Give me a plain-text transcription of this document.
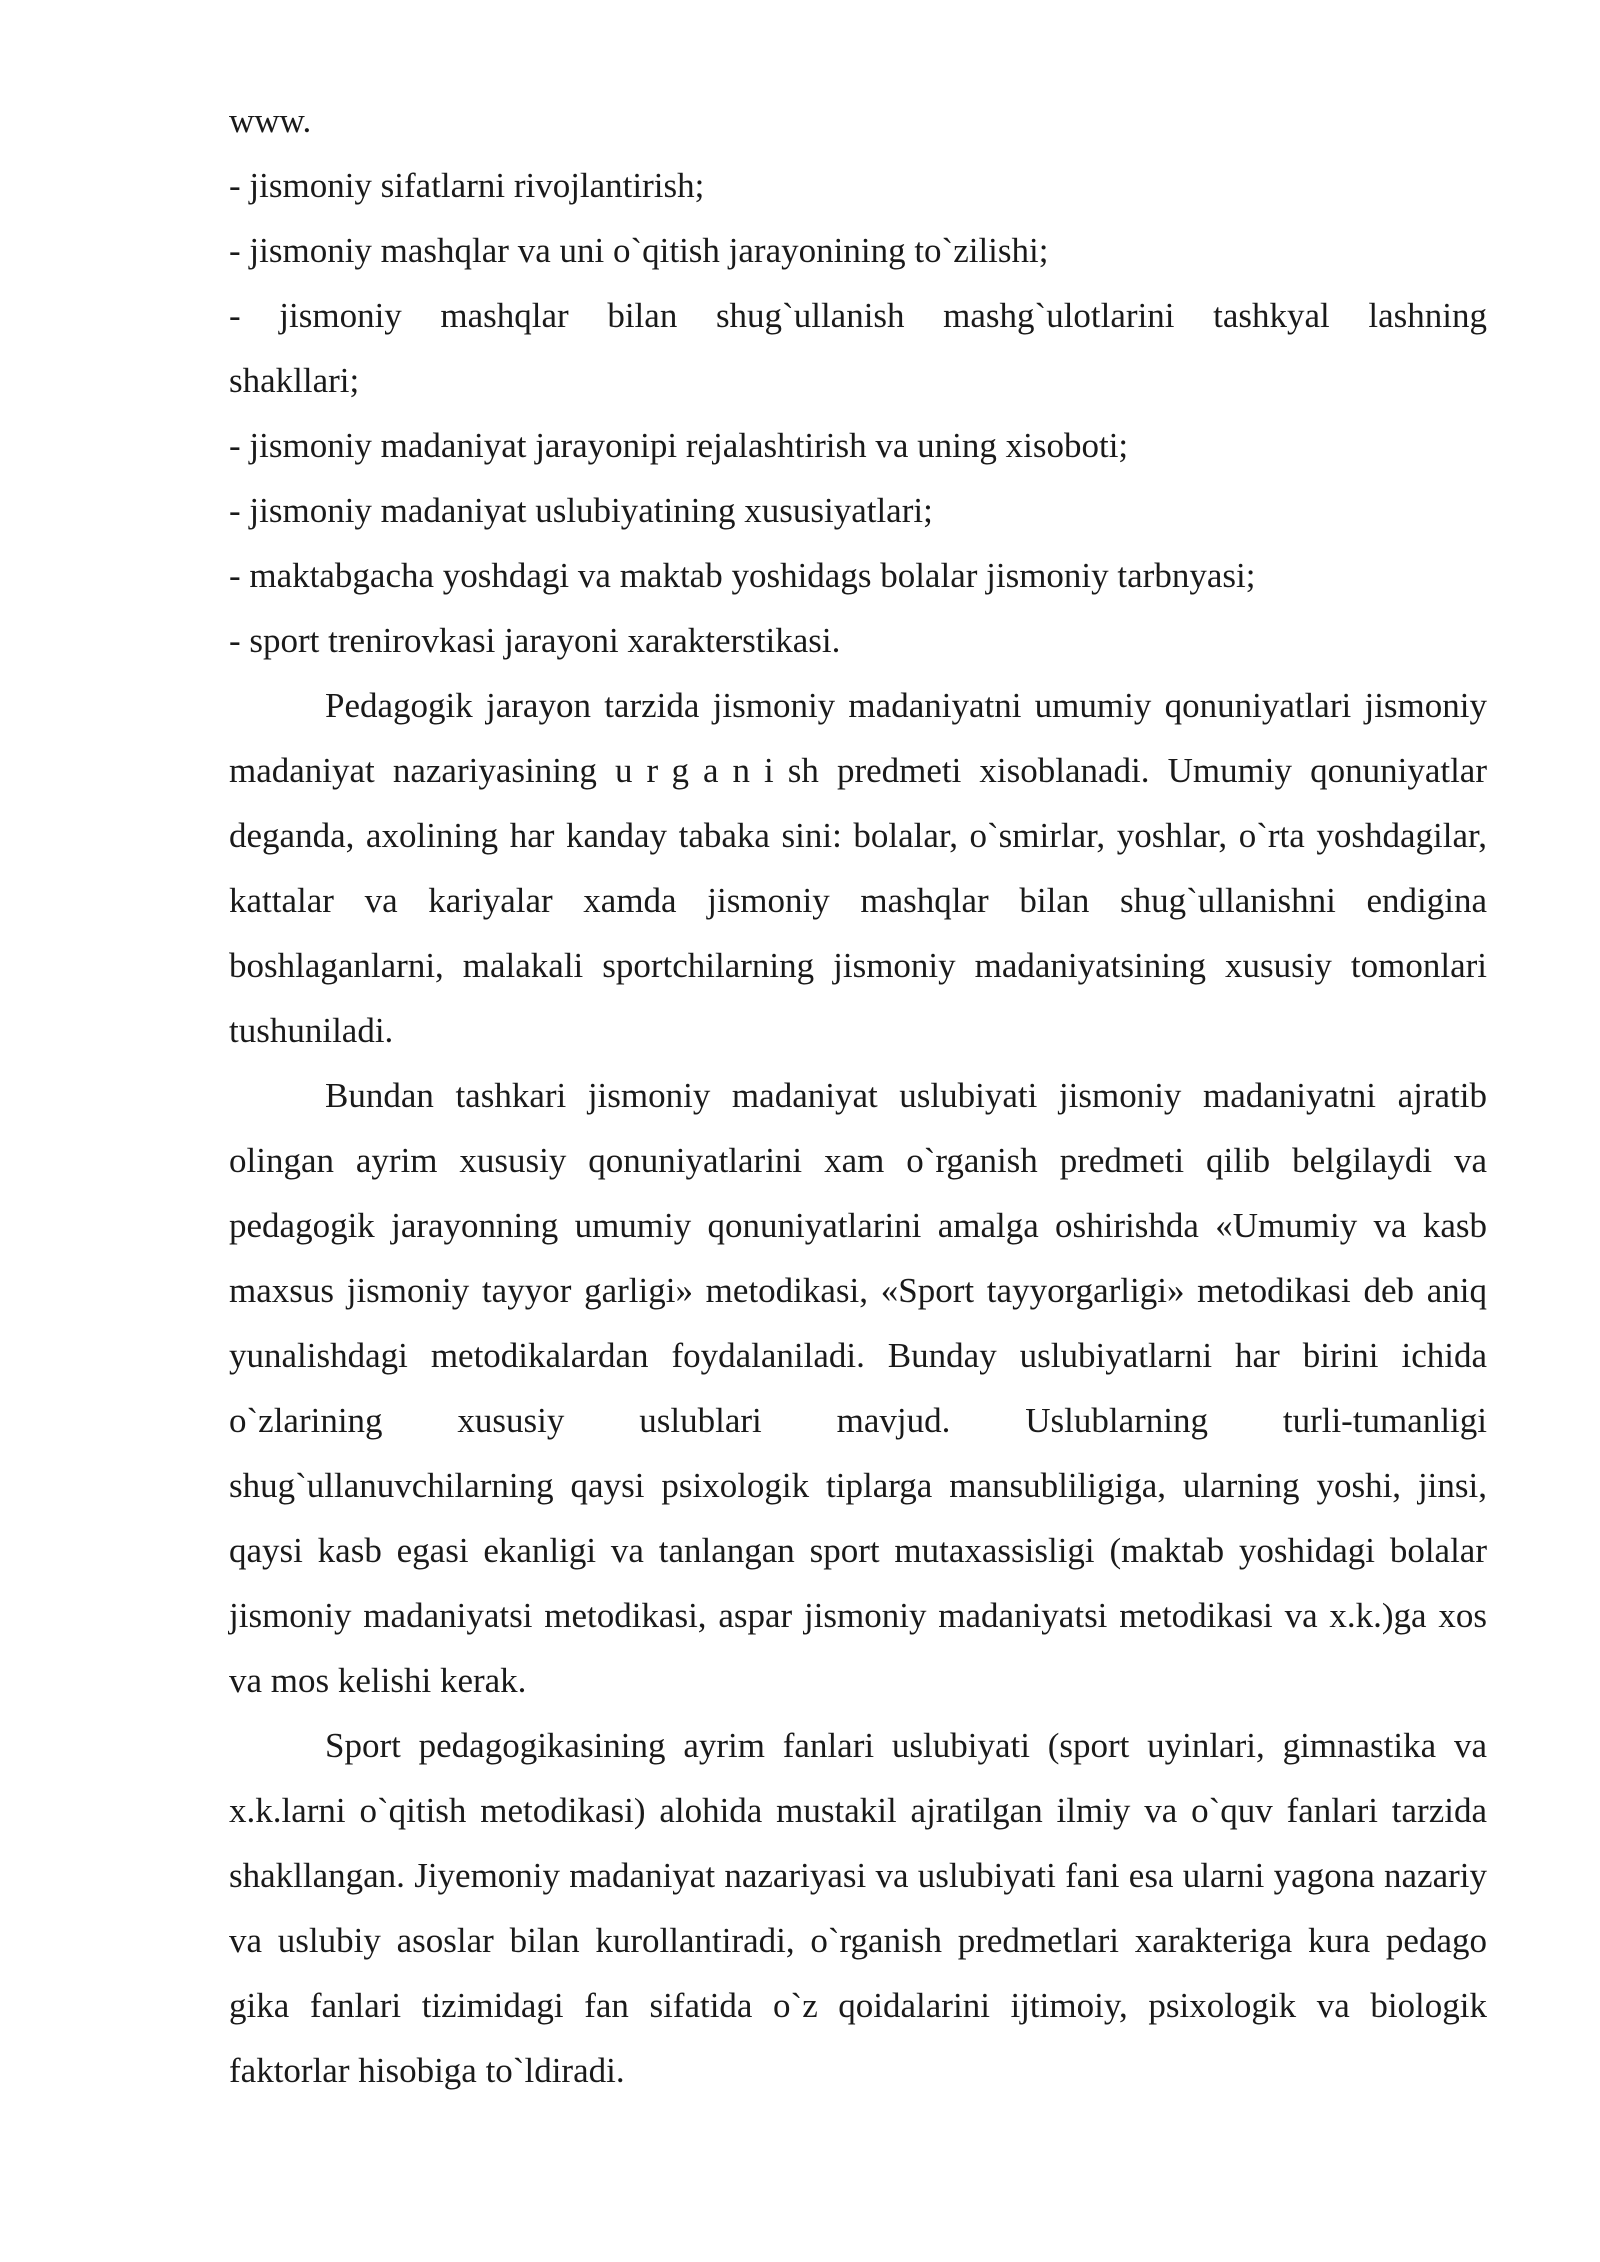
www.

- jismoniy sifatlarni rivojlantirish;

- jismoniy mashqlar va uni o`qitish jarayonining to`zilishi;

- jismoniy mashqlar bilan shug`ullanish mashg`ulotlarini tashkyal lashning

shakllari;

- jismoniy madaniyat jarayonipi rejalashtirish va uning xisoboti;

- jismoniy madaniyat uslubiyatining xususiyatlari;

- maktabgacha yoshdagi va maktab yoshidags bolalar jismoniy tarbnyasi;

- sport trenirovkasi jarayoni xarakterstikasi.

Pedagogik jarayon tarzida jismoniy madaniyatni umumiy qonuniyatlari jismoniy madaniyat nazariyasining urganish predmeti xisoblanadi. Umumiy qonuniyatlar deganda, axolining har kanday tabaka sini: bolalar, o`smirlar, yoshlar, o`rta yoshdagilar, kattalar va kariyalar xamda jismoniy mashqlar bilan shug`ullanishni endigina boshlaganlarni, malakali sportchilarning jismoniy madaniyatsining xususiy tomonlari tushuniladi.

Bundan tashkari jismoniy madaniyat uslubiyati jismoniy madaniyatni ajratib olingan ayrim xususiy qonuniyatlarini xam o`rganish predmeti qilib belgilaydi va pedagogik jarayonning umumiy qonuniyatlarini amalga oshirishda «Umumiy va kasb maxsus jismoniy tayyor garligi» metodikasi, «Sport tayyorgarligi» metodikasi deb aniq yunalishdagi metodikalardan foydalaniladi. Bunday uslubiyatlarni har birini ichida o`zlarining xususiy uslublari mavjud. Uslublarning turli-tumanligi shug`ullanuvchilarning qaysi psixologik tiplarga mansubliligiga, ularning yoshi, jinsi, qaysi kasb egasi ekanligi va tanlangan sport mutaxassisligi (maktab yoshidagi bolalar jismoniy madaniyatsi metodikasi, aspar jismoniy madaniyatsi metodikasi va x.k.)ga xos va mos kelishi kerak.

Sport pedagogikasining ayrim fanlari uslubiyati (sport uyinlari, gimnastika va x.k.larni o`qitish metodikasi) alohida mustakil ajratilgan ilmiy va o`quv fanlari tarzida shakllangan. Jiyemoniy madaniyat nazariyasi va uslubiyati fani esa ularni yagona nazariy va uslubiy asoslar bilan kurollantiradi, o`rganish predmetlari xarakteriga kura pedago gika fanlari tizimidagi fan sifatida o`z qoidalarini ijtimoiy, psixologik va biologik faktorlar hisobiga to`ldiradi.
